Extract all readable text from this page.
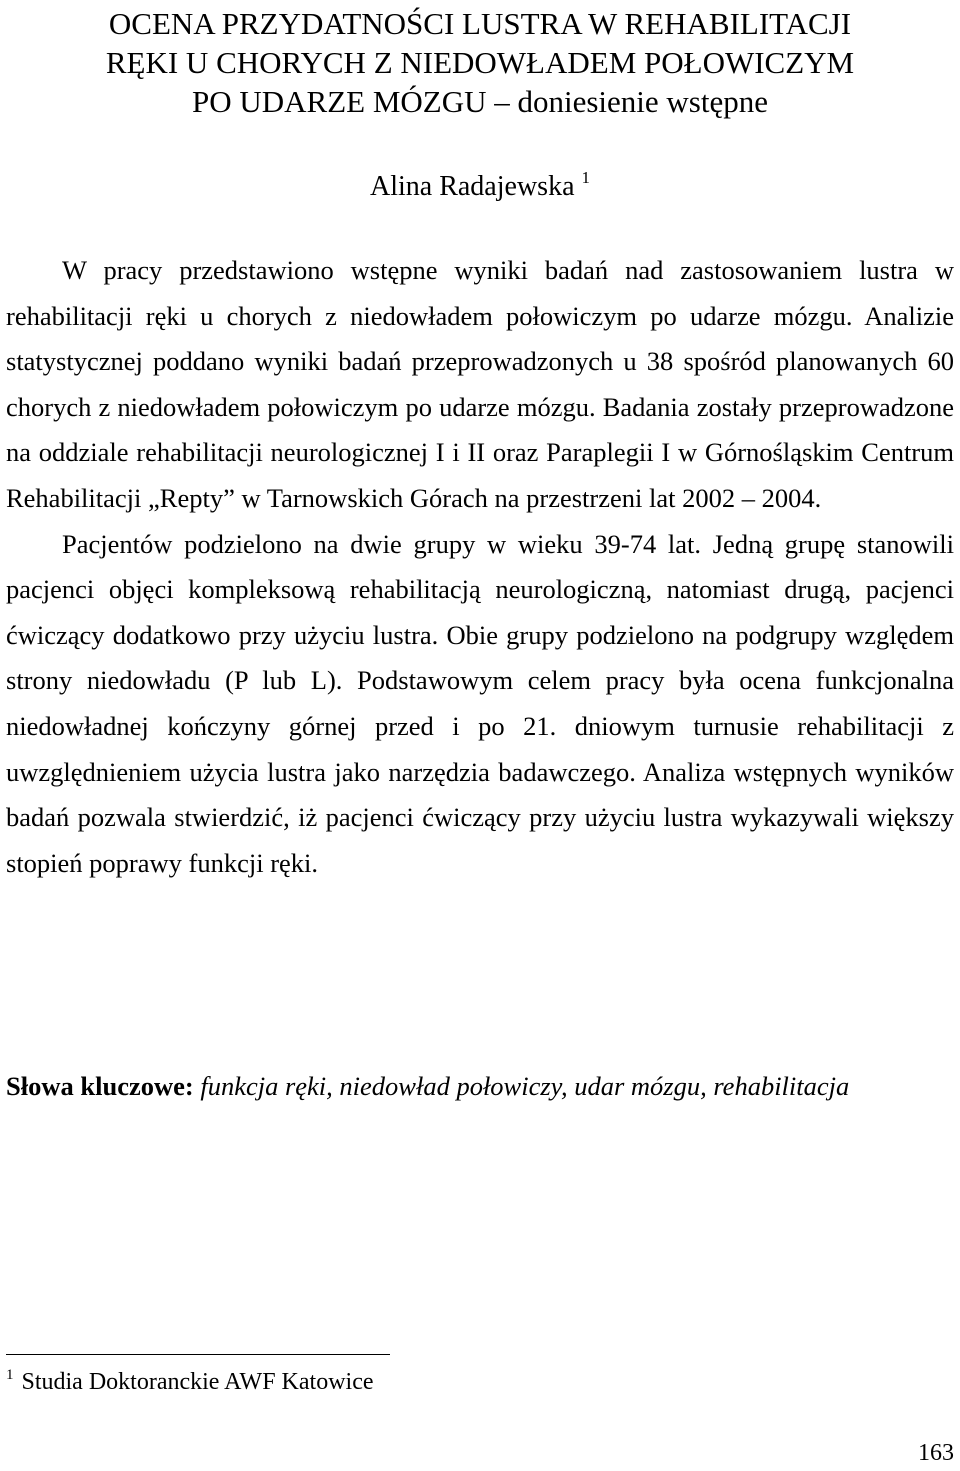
OCENA PRZYDATNOŚCI LUSTRA W REHABILITACJI
RĘKI U CHORYCH Z NIEDOWŁADEM POŁOWICZYM
PO UDARZE MÓZGU – doniesienie wstępne
Alina Radajewska $^1$

W pracy przedstawiono wstępne wyniki badań nad zastosowaniem lustra w rehabilitacji ręki u chorych z niedowładem połowiczym po udarze mózgu. Analizie statystycznej poddano wyniki badań przeprowadzonych u 38 spośród planowanych 60 chorych z niedowładem połowiczym po udarze mózgu. Badania zostały przeprowadzone na oddziale rehabilitacji neurologicznej I i II oraz Paraplegii I w Górnośląskim Centrum Rehabilitacji „Repty” w Tarnowskich Górach na przestrzeni lat 2002 – 2004.

Pacjentów podzielono na dwie grupy w wieku 39-74 lat. Jedną grupę stanowili pacjenci objęci kompleksową rehabilitacją neurologiczną, natomiast drugą, pacjenci ćwiczący dodatkowo przy użyciu lustra. Obie grupy podzielono na podgrupy względem strony niedowładu (P lub L). Podstawowym celem pracy była ocena funkcjonalna niedowładnej kończyny górnej przed i po 21. dniowym turnusie rehabilitacji z uwzględnieniem użycia lustra jako narzędzia badawczego. Analiza wstępnych wyników badań pozwala stwierdzić, iż pacjenci ćwiczący przy użyciu lustra wykazywali większy stopień poprawy funkcji ręki.

Słowa kluczowe: funkcja ręki, niedowład połowiczy, udar mózgu, rehabilitacja
$^1$ Studia Doktoranckie AWF Katowice
163
